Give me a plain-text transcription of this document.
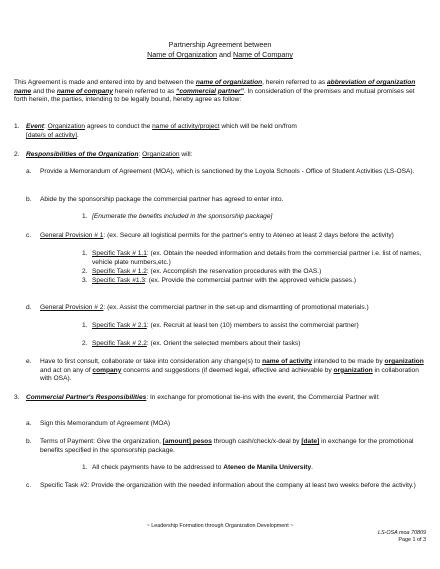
Partnership Agreement between
Name of Organization and Name of Company
This Agreement is made and entered into by and between the name of organization, herein referred to as abbreviation of organization name and the name of company herein referred to as “commercial partner”. In consideration of the premises and mutual promises set forth herein, the parties, intending to be legally bound, hereby agree as follow:
1. Event: Organization agrees to conduct the name of activity/project which will be held on/from
[date/s of activity].
2. Responsibilities of the Organization: Organization will:
a. Provide a Memorandum of Agreement (MOA), which is sanctioned by the Loyola Schools - Office of Student Activities (LS-OSA).
b. Abide by the sponsorship package the commercial partner has agreed to enter into.
1. [Enumerate the benefits included in the sponsorship package]
c. General Provision # 1: (ex. Secure all logistical permits for the partner's entry to Ateneo at least 2 days before the activity)
1. Specific Task # 1.1: (ex. Obtain the needed information and details from the commercial partner i.e. list of names, vehicle plate numbers,etc.)
2. Specific Task # 1.2: (ex. Accomplish the reservation procedures with the OAS.)
3. Specific Task #1.3: (ex. Provide the commercial partner with the approved vehicle passes.)
d. General Provision # 2: (ex. Assist the commercial partner in the set-up and dismantling of promotional materials.)
1. Specific Task # 2.1: (ex. Recruit at least ten (10) members to assist the commercial partner)
2. Specific Task # 2.2: (ex. Orient the selected members about their tasks)
e. Have to first consult, collaborate or take into consideration any change(s) to name of activity intended to be made by organization and act on any of company concerns and suggestions (if deemed legal, effective and achievable by organization in collaboration with OSA).
3. Commercial Partner's Responsibilities: In exchange for promotional tie-ins with the event, the Commercial Partner will:
a. Sign this Memorandum of Agreement (MOA)
b. Terms of Payment: Give the organization, [amount] pesos through cash/check/x-deal by [date] in exchange for the promotional benefits specified in the sponsorship package.
1. All check payments have to be addressed to Ateneo de Manila University.
c. Specific Task #2: Provide the organization with the needed information about the company at least two weeks before the activity.)
~ Leadership Formation through Organization Development ~
LS-OSA moa 70809
Page 1 of 3
